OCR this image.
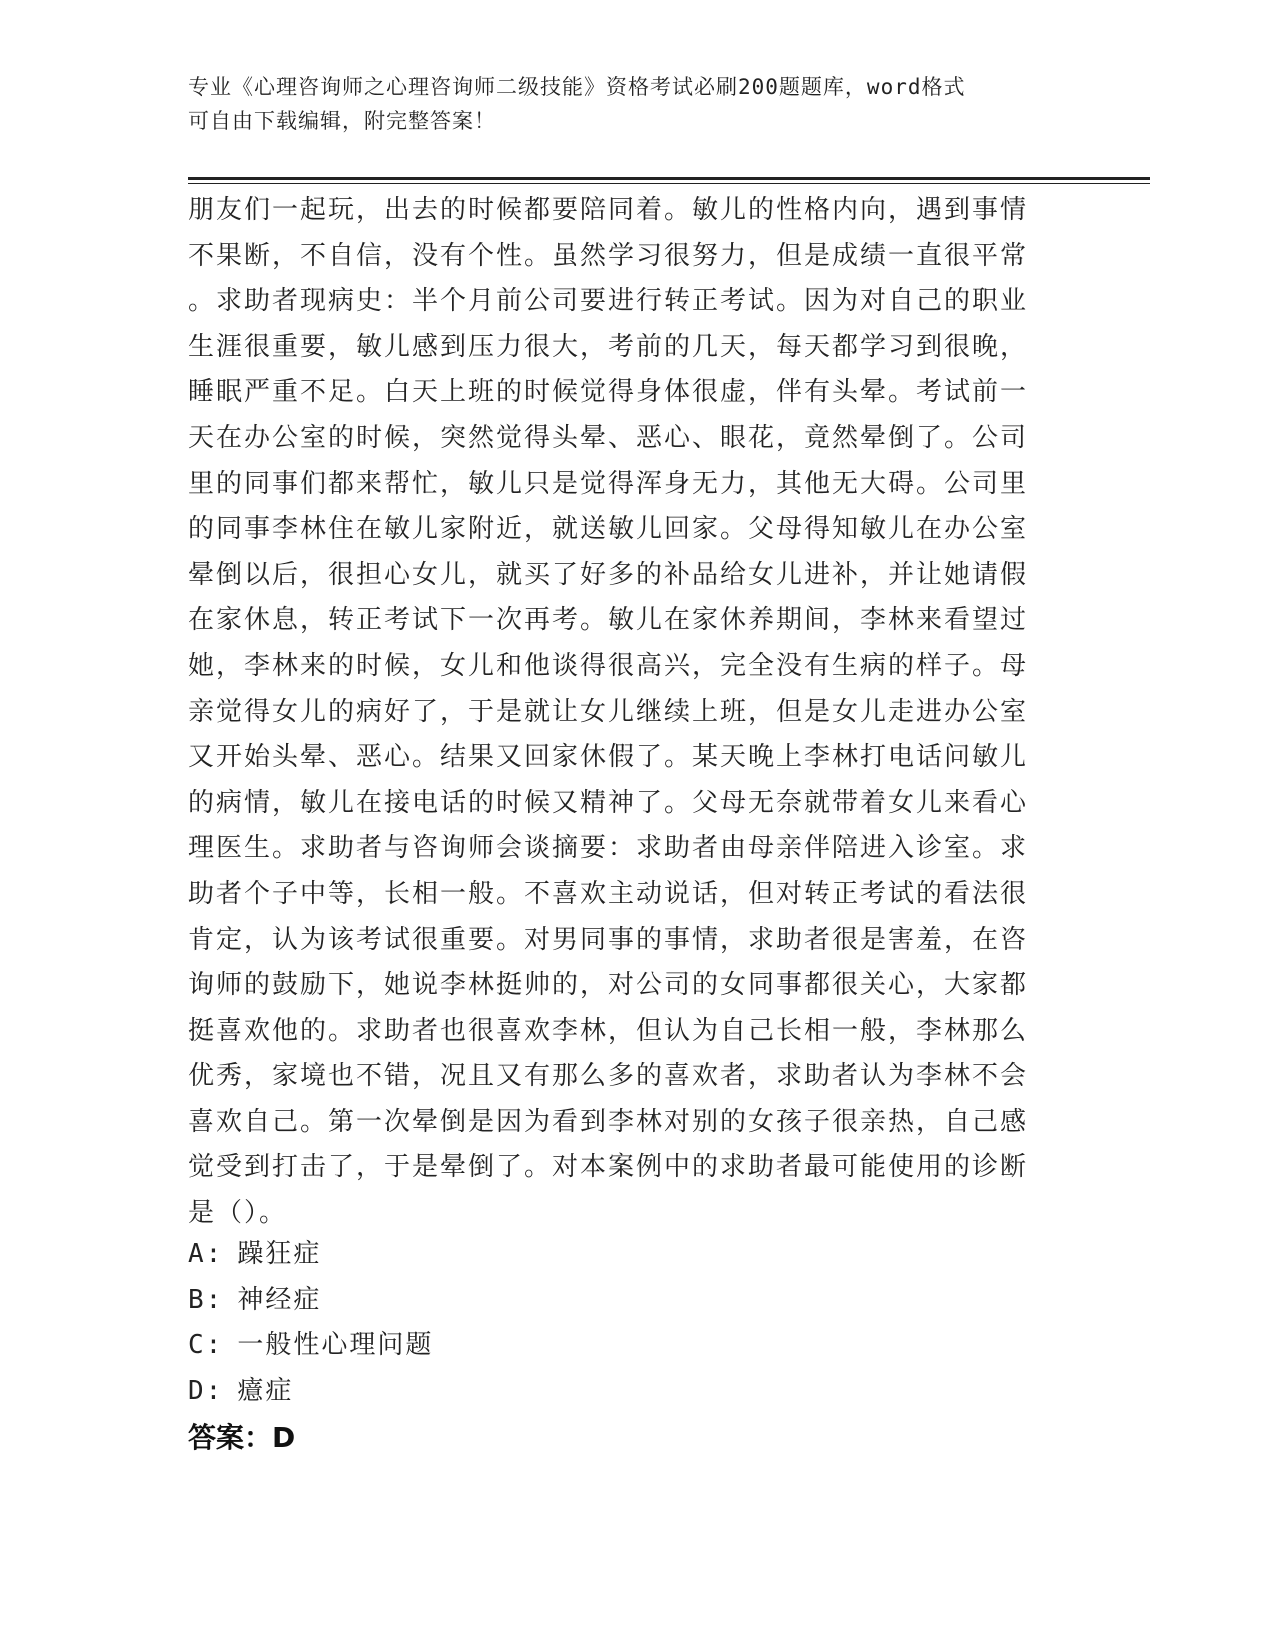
专业《心理咨询师之心理咨询师二级技能》资格考试必刷200题题库，word格式
可自由下载编辑，附完整答案！
朋友们一起玩，出去的时候都要陪同着。敏儿的性格内向，遇到事情
不果断，不自信，没有个性。虽然学习很努力，但是成绩一直很平常
。求助者现病史：半个月前公司要进行转正考试。因为对自己的职业
生涯很重要，敏儿感到压力很大，考前的几天，每天都学习到很晚，
睡眠严重不足。白天上班的时候觉得身体很虚，伴有头晕。考试前一
天在办公室的时候，突然觉得头晕、恶心、眼花，竟然晕倒了。公司
里的同事们都来帮忙，敏儿只是觉得浑身无力，其他无大碍。公司里
的同事李林住在敏儿家附近，就送敏儿回家。父母得知敏儿在办公室
晕倒以后，很担心女儿，就买了好多的补品给女儿进补，并让她请假
在家休息，转正考试下一次再考。敏儿在家休养期间，李林来看望过
她，李林来的时候，女儿和他谈得很高兴，完全没有生病的样子。母
亲觉得女儿的病好了，于是就让女儿继续上班，但是女儿走进办公室
又开始头晕、恶心。结果又回家休假了。某天晚上李林打电话问敏儿
的病情，敏儿在接电话的时候又精神了。父母无奈就带着女儿来看心
理医生。求助者与咨询师会谈摘要：求助者由母亲伴陪进入诊室。求
助者个子中等，长相一般。不喜欢主动说话，但对转正考试的看法很
肯定，认为该考试很重要。对男同事的事情，求助者很是害羞，在咨
询师的鼓励下，她说李林挺帅的，对公司的女同事都很关心，大家都
挺喜欢他的。求助者也很喜欢李林，但认为自己长相一般，李林那么
优秀，家境也不错，况且又有那么多的喜欢者，求助者认为李林不会
喜欢自己。第一次晕倒是因为看到李林对别的女孩子很亲热，自己感
觉受到打击了，于是晕倒了。对本案例中的求助者最可能使用的诊断
是（）。
A: 躁狂症
B: 神经症
C: 一般性心理问题
D: 癔症
答案：D
